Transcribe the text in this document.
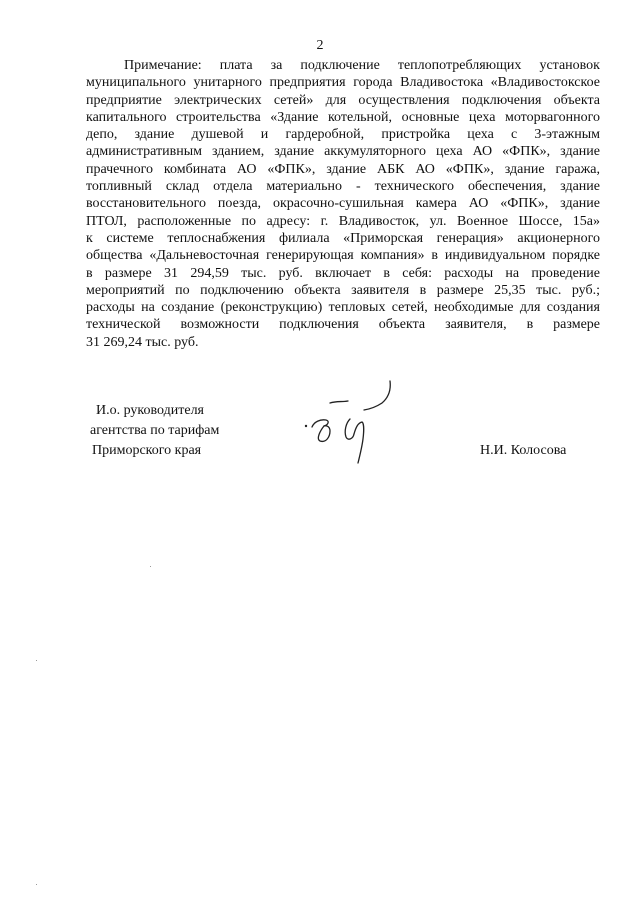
2
Примечание: плата за подключение теплопотребляющих установок
муниципального унитарного предприятия города Владивостока «Владивостокское
предприятие электрических сетей» для осуществления подключения объекта
капитального строительства «Здание котельной, основные цеха моторвагонного
депо, здание душевой и гардеробной, пристройка цеха с 3-этажным
административным зданием, здание аккумуляторного цеха АО «ФПК», здание
прачечного комбината АО «ФПК», здание АБК АО «ФПК», здание гаража,
топливный склад отдела материально - технического обеспечения, здание
восстановительного поезда, окрасочно-сушильная камера АО «ФПК», здание
ПТОЛ, расположенные по адресу: г. Владивосток, ул. Военное Шоссе, 15а»
к системе теплоснабжения филиала «Приморская генерация» акционерного
общества «Дальневосточная генерирующая компания» в индивидуальном порядке
в размере 31 294,59 тыс. руб. включает в себя: расходы на проведение
мероприятий по подключению объекта заявителя в размере 25,35 тыс. руб.;
расходы на создание (реконструкцию) тепловых сетей, необходимые для создания
технической возможности подключения объекта заявителя, в размере
31 269,24 тыс. руб.
И.о. руководителя
агентства по тарифам
Приморского края	Н.И. Колосова
